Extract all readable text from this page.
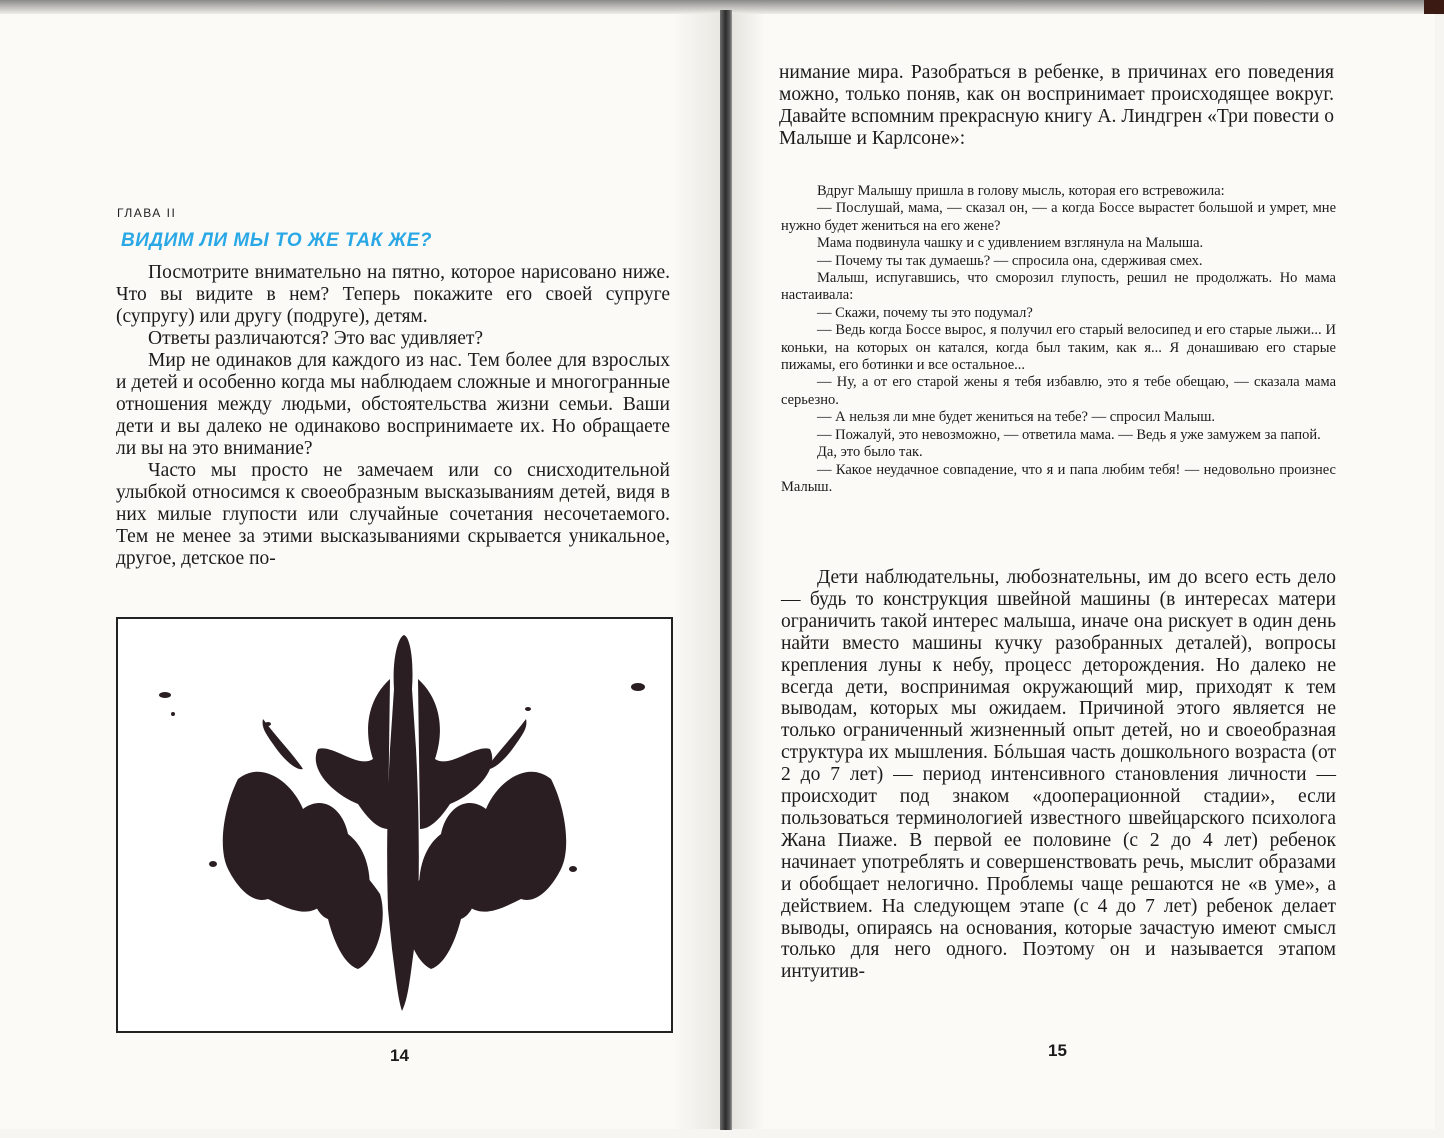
ГЛАВА II
ВИДИМ ЛИ МЫ ТО ЖЕ ТАК ЖЕ?

Посмотрите внимательно на пятно, которое нарисовано ниже. Что вы видите в нем? Теперь покажите его своей супруге (супругу) или другу (подруге), детям.

Ответы различаются? Это вас удивляет?

Мир не одинаков для каждого из нас. Тем более для взрослых и детей и особенно когда мы наблюдаем сложные и многогранные отношения между людьми, обстоятельства жизни семьи. Ваши дети и вы далеко не одинаково воспринимаете их. Но обращаете ли вы на это внимание?

Часто мы просто не замечаем или со снисходительной улыбкой относимся к своеобразным высказываниям детей, видя в них милые глупости или случайные сочетания несочетаемого. Тем не менее за этими высказываниями скрывается уникальное, другое, детское по-

14

нимание мира. Разобраться в ребенке, в причинах его поведения можно, только поняв, как он воспринимает происходящее вокруг. Давайте вспомним прекрасную книгу А. Линдгрен «Три повести о Малыше и Карлсоне»:

Вдруг Малышу пришла в голову мысль, которая его встревожила:

— Послушай, мама, — сказал он, — а когда Боссе вырастет большой и умрет, мне нужно будет жениться на его жене?

Мама подвинула чашку и с удивлением взглянула на Малыша.

— Почему ты так думаешь? — спросила она, сдерживая смех.

Малыш, испугавшись, что сморозил глупость, решил не продолжать. Но мама настаивала:

— Скажи, почему ты это подумал?

— Ведь когда Боссе вырос, я получил его старый велосипед и его старые лыжи... И коньки, на которых он катался, когда был таким, как я... Я донашиваю его старые пижамы, его ботинки и все остальное...

— Ну, а от его старой жены я тебя избавлю, это я тебе обещаю, — сказала мама серьезно.

— А нельзя ли мне будет жениться на тебе? — спросил Малыш.

— Пожалуй, это невозможно, — ответила мама. — Ведь я уже замужем за папой.

Да, это было так.

— Какое неудачное совпадение, что я и папа любим тебя! — недовольно произнес Малыш.

Дети наблюдательны, любознательны, им до всего есть дело — будь то конструкция швейной машины (в интересах матери ограничить такой интерес малыша, иначе она рискует в один день найти вместо машины кучку разобранных деталей), вопросы крепления луны к небу, процесс деторождения. Но далеко не всегда дети, воспринимая окружающий мир, приходят к тем выводам, которых мы ожидаем. Причиной этого является не только ограниченный жизненный опыт детей, но и своеобразная структура их мышления. Бóльшая часть дошкольного возраста (от 2 до 7 лет) — период интенсивного становления личности — происходит под знаком «дооперационной стадии», если пользоваться терминологией известного швейцарского психолога Жана Пиаже. В первой ее половине (с 2 до 4 лет) ребенок начинает употреблять и совершенствовать речь, мыслит образами и обобщает нелогично. Проблемы чаще решаются не «в уме», а действием. На следующем этапе (с 4 до 7 лет) ребенок делает выводы, опираясь на основания, которые зачастую имеют смысл только для него одного. Поэтому он и называется этапом интуитив-

15
